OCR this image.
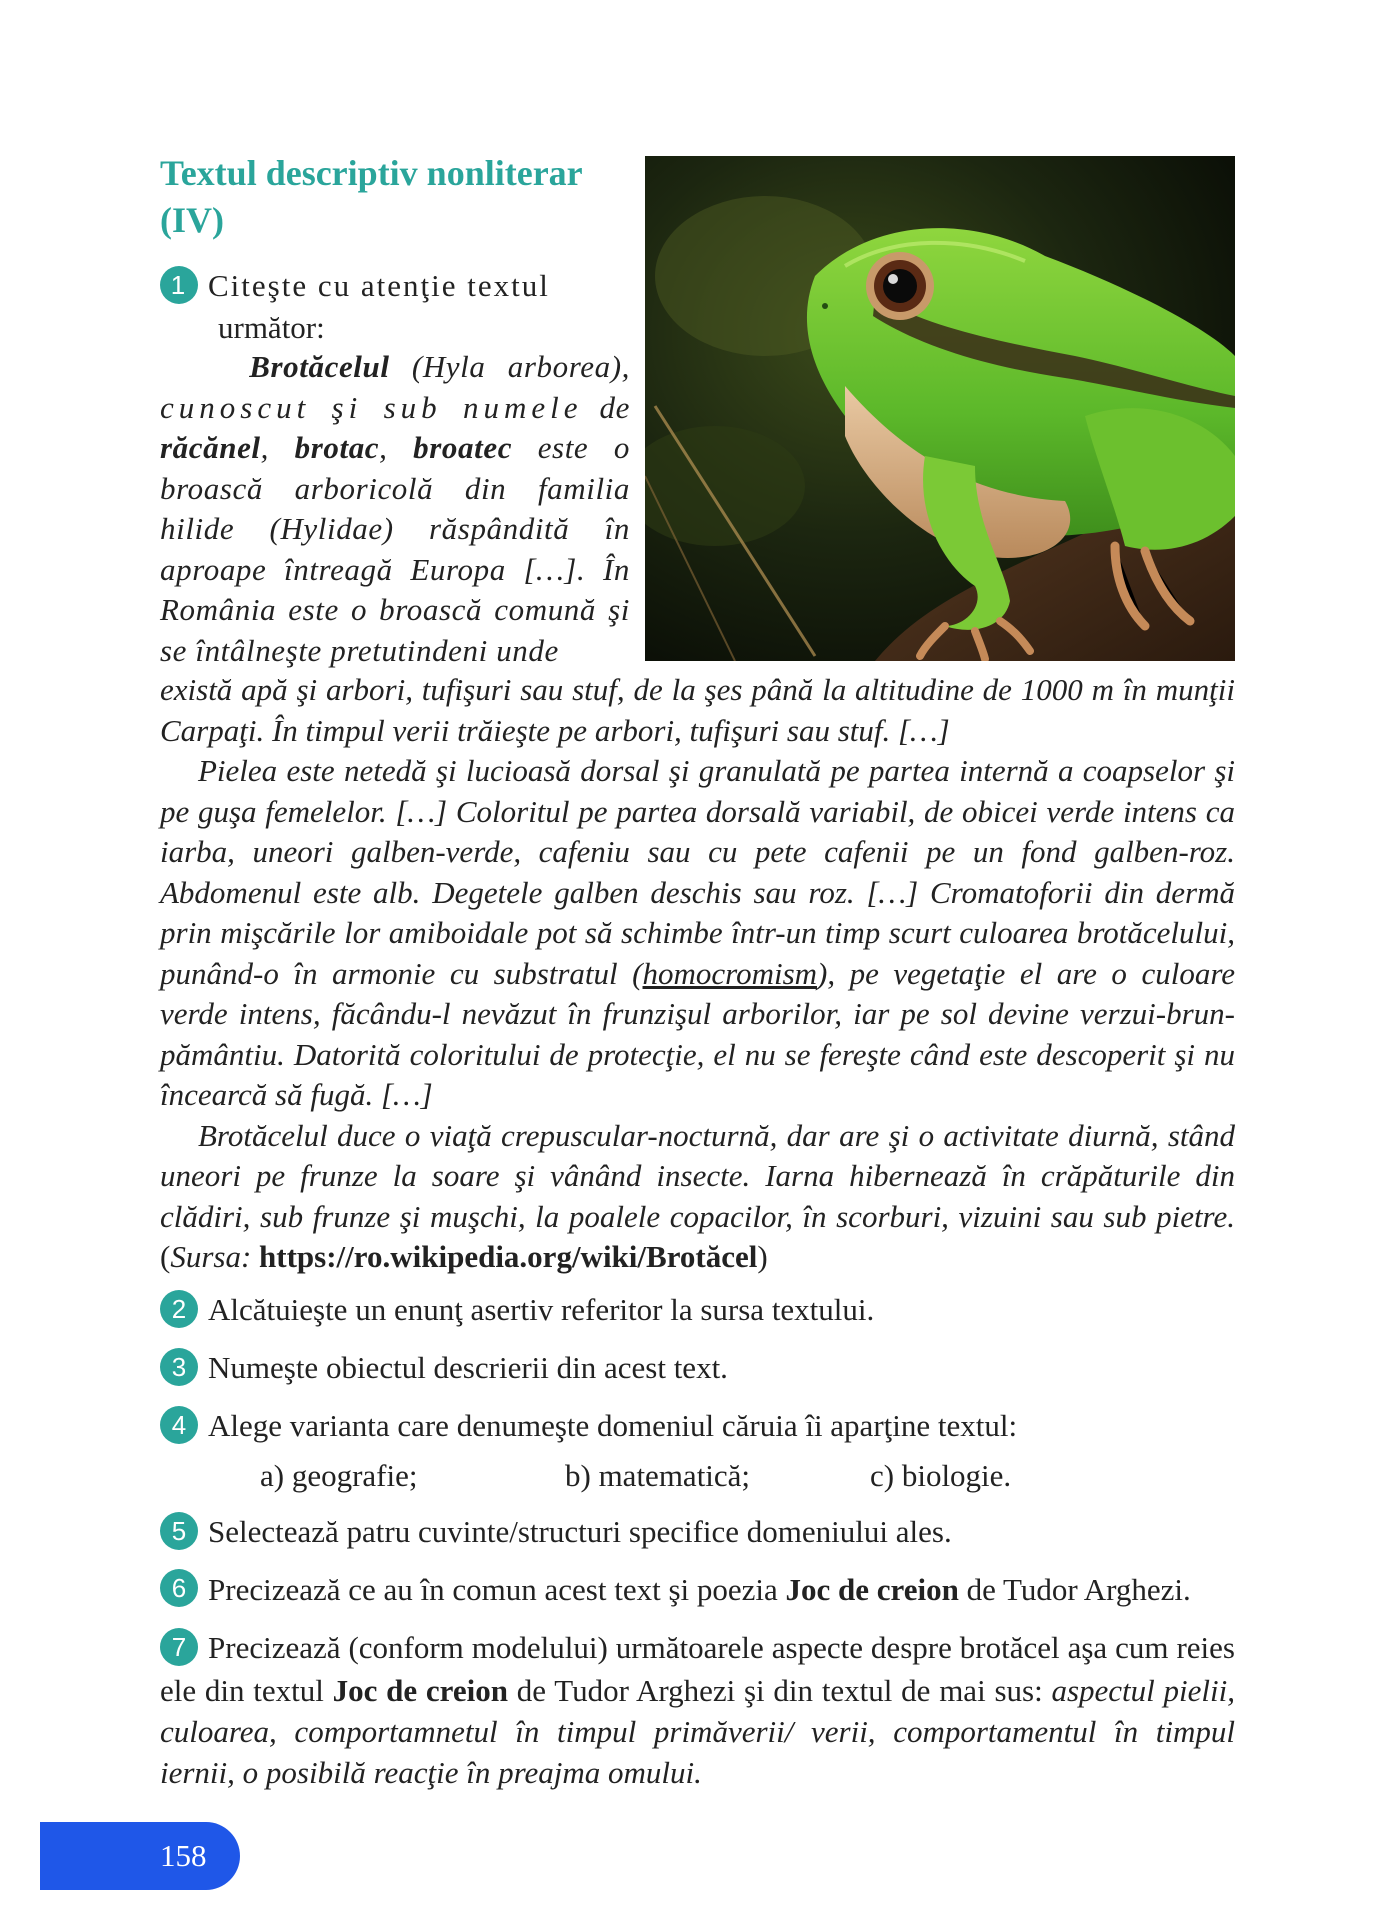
Textul descriptiv nonliterar (IV)
1 Citeşte cu atenţie textul
următor:
Brotăcelul (Hyla arborea), cunoscut şi sub numele de răcănel, brotac, broatec este o broască arboricolă din familia hilide (Hylidae) răspândită în aproape întreagă Europa […]. În România este o broască comună şi se întâlneşte pretutindeni unde

există apă şi arbori, tufişuri sau stuf, de la şes până la altitudine de 1000 m în munţii Carpaţi. În timpul verii trăieşte pe arbori, tufişuri sau stuf. […]

Pielea este netedă şi lucioasă dorsal şi granulată pe partea internă a coapselor şi pe guşa femelelor. […] Coloritul pe partea dorsală variabil, de obicei verde intens ca iarba, uneori galben-verde, cafeniu sau cu pete cafenii pe un fond galben-roz. Abdomenul este alb. Degetele galben deschis sau roz. […] Cromatoforii din dermă prin mişcările lor amiboidale pot să schimbe într-un timp scurt culoarea brotăcelului, punând-o în armonie cu substratul (homocromism), pe vegetaţie el are o culoare verde intens, făcându-l nevăzut în frunzişul arborilor, iar pe sol devine verzui-brun-pământiu. Datorită coloritului de protecţie, el nu se fereşte când este descoperit şi nu încearcă să fugă. […]

Brotăcelul duce o viaţă crepuscular-nocturnă, dar are şi o activitate diurnă, stând uneori pe frunze la soare şi vânând insecte. Iarna hibernează în crăpăturile din clădiri, sub frunze şi muşchi, la poalele copacilor, în scorburi, vizuini sau sub pietre. (Sursa: https://ro.wikipedia.org/wiki/Brotăcel)

2 Alcătuieşte un enunţ asertiv referitor la sursa textului.
3 Numeşte obiectul descrierii din acest text.
4 Alege varianta care denumeşte domeniul căruia îi aparţine textul:
a) geografie;	b) matematică;	c) biologie.
5 Selectează patru cuvinte/structuri specifice domeniului ales.
6 Precizează ce au în comun acest text şi poezia Joc de creion de Tudor Arghezi.
7 Precizează (conform modelului) următoarele aspecte despre brotăcel aşa cum reies ele din textul Joc de creion de Tudor Arghezi şi din textul de mai sus: aspectul pielii, culoarea, comportamnetul în timpul primăverii/ verii, comportamentul în timpul iernii, o posibilă reacţie în preajma omului.
158
